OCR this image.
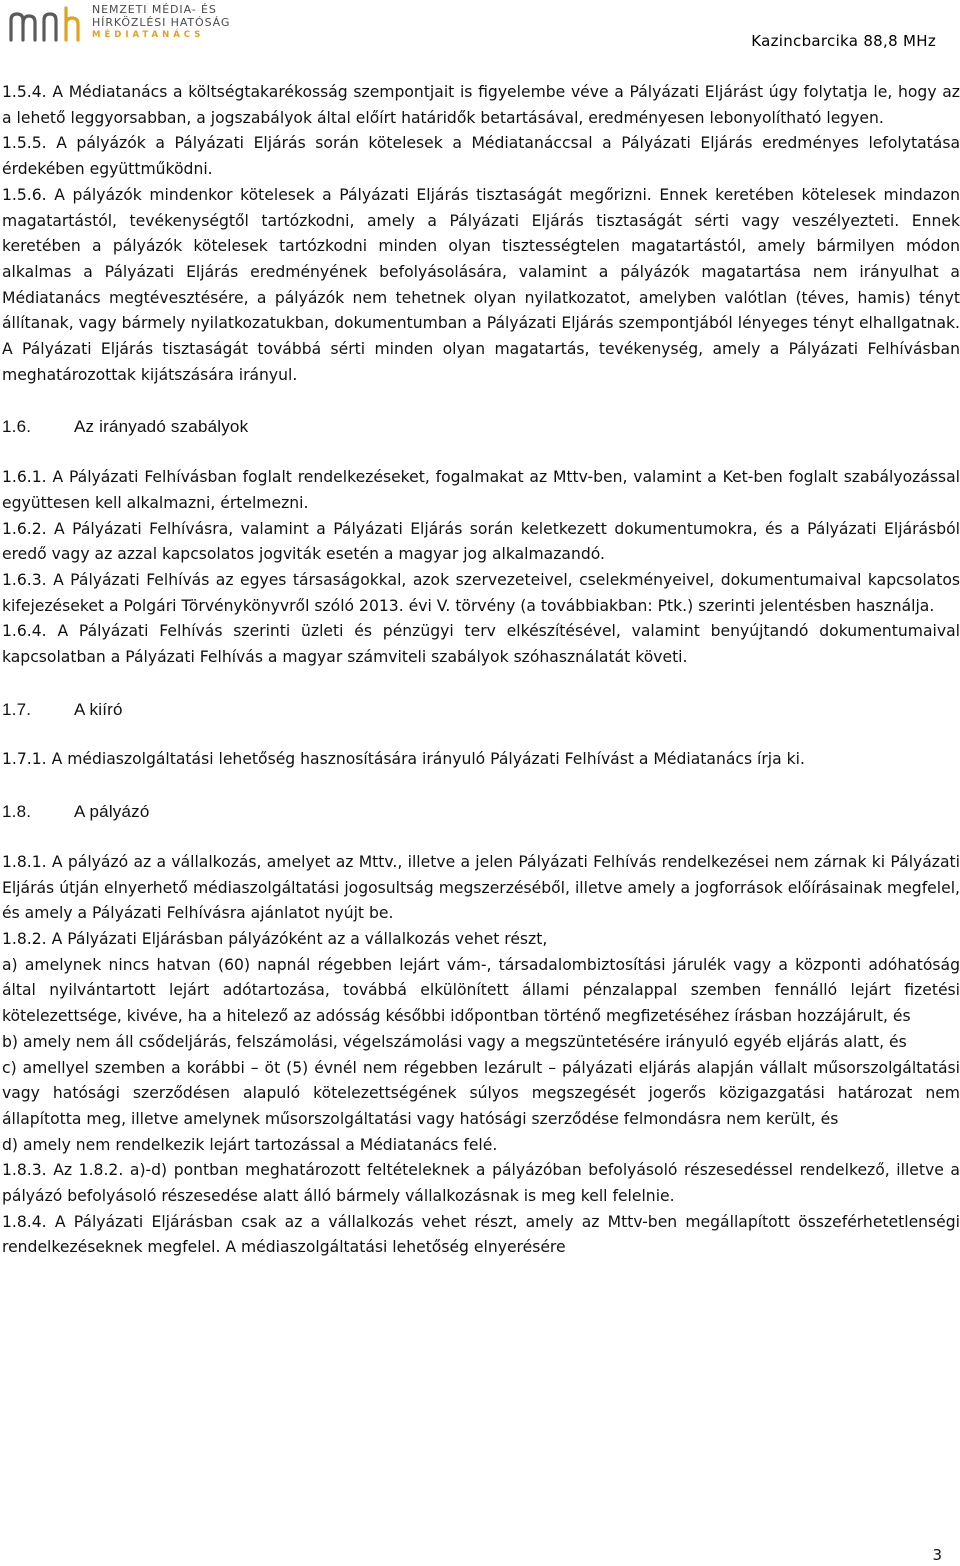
NEMZETI MÉDIA- ÉS
HÍRKÖZLÉSI HATÓSÁG
MÉDIATANÁCS	Kazincbarcika 88,8 MHz

1.5.4. A Médiatanács a költségtakarékosság szempontjait is figyelembe véve a Pályázati Eljárást úgy folytatja le, hogy az a lehető leggyorsabban, a jogszabályok által előírt határidők betartásával, eredményesen lebonyolítható legyen.

1.5.5. A pályázók a Pályázati Eljárás során kötelesek a Médiatanáccsal a Pályázati Eljárás eredményes lefolytatása érdekében együttműködni.

1.5.6. A pályázók mindenkor kötelesek a Pályázati Eljárás tisztaságát megőrizni. Ennek keretében kötelesek mindazon magatartástól, tevékenységtől tartózkodni, amely a Pályázati Eljárás tisztaságát sérti vagy veszélyezteti. Ennek keretében a pályázók kötelesek tartózkodni minden olyan tisztességtelen magatartástól, amely bármilyen módon alkalmas a Pályázati Eljárás eredményének befolyásolására, valamint a pályázók magatartása nem irányulhat a Médiatanács megtévesztésére, a pályázók nem tehetnek olyan nyilatkozatot, amelyben valótlan (téves, hamis) tényt állítanak, vagy bármely nyilatkozatukban, dokumentumban a Pályázati Eljárás szempontjából lényeges tényt elhallgatnak. A Pályázati Eljárás tisztaságát továbbá sérti minden olyan magatartás, tevékenység, amely a Pályázati Felhívásban meghatározottak kijátszására irányul.

1.6.	Az irányadó szabályok

1.6.1. A Pályázati Felhívásban foglalt rendelkezéseket, fogalmakat az Mttv-ben, valamint a Ket-ben foglalt szabályozással együttesen kell alkalmazni, értelmezni.

1.6.2. A Pályázati Felhívásra, valamint a Pályázati Eljárás során keletkezett dokumentumokra, és a Pályázati Eljárásból eredő vagy az azzal kapcsolatos jogviták esetén a magyar jog alkalmazandó.

1.6.3. A Pályázati Felhívás az egyes társaságokkal, azok szervezeteivel, cselekményeivel, dokumentumaival kapcsolatos kifejezéseket a Polgári Törvénykönyvről szóló 2013. évi V. törvény (a továbbiakban: Ptk.) szerinti jelentésben használja.

1.6.4. A Pályázati Felhívás szerinti üzleti és pénzügyi terv elkészítésével, valamint benyújtandó dokumentumaival kapcsolatban a Pályázati Felhívás a magyar számviteli szabályok szóhasználatát követi.

1.7.	A kiíró

1.7.1. A médiaszolgáltatási lehetőség hasznosítására irányuló Pályázati Felhívást a Médiatanács írja ki.

1.8.	A pályázó

1.8.1. A pályázó az a vállalkozás, amelyet az Mttv., illetve a jelen Pályázati Felhívás rendelkezései nem zárnak ki Pályázati Eljárás útján elnyerhető médiaszolgáltatási jogosultság megszerzéséből, illetve amely a jogforrások előírásainak megfelel, és amely a Pályázati Felhívásra ajánlatot nyújt be.

1.8.2. A Pályázati Eljárásban pályázóként az a vállalkozás vehet részt,

a) amelynek nincs hatvan (60) napnál régebben lejárt vám-, társadalombiztosítási járulék vagy a központi adóhatóság által nyilvántartott lejárt adótartozása, továbbá elkülönített állami pénzalappal szemben fennálló lejárt fizetési kötelezettsége, kivéve, ha a hitelező az adósság későbbi időpontban történő megfizetéséhez írásban hozzájárult, és

b) amely nem áll csődeljárás, felszámolási, végelszámolási vagy a megszüntetésére irányuló egyéb eljárás alatt, és

c) amellyel szemben a korábbi – öt (5) évnél nem régebben lezárult – pályázati eljárás alapján vállalt műsorszolgáltatási vagy hatósági szerződésen alapuló kötelezettségének súlyos megszegését jogerős közigazgatási határozat nem állapította meg, illetve amelynek műsorszolgáltatási vagy hatósági szerződése felmondásra nem került, és

d) amely nem rendelkezik lejárt tartozással a Médiatanács felé.

1.8.3. Az 1.8.2. a)-d) pontban meghatározott feltételeknek a pályázóban befolyásoló részesedéssel rendelkező, illetve a pályázó befolyásoló részesedése alatt álló bármely vállalkozásnak is meg kell felelnie.

1.8.4. A Pályázati Eljárásban csak az a vállalkozás vehet részt, amely az Mttv-ben megállapított összeférhetetlenségi rendelkezéseknek megfelel. A médiaszolgáltatási lehetőség elnyerésére

3
